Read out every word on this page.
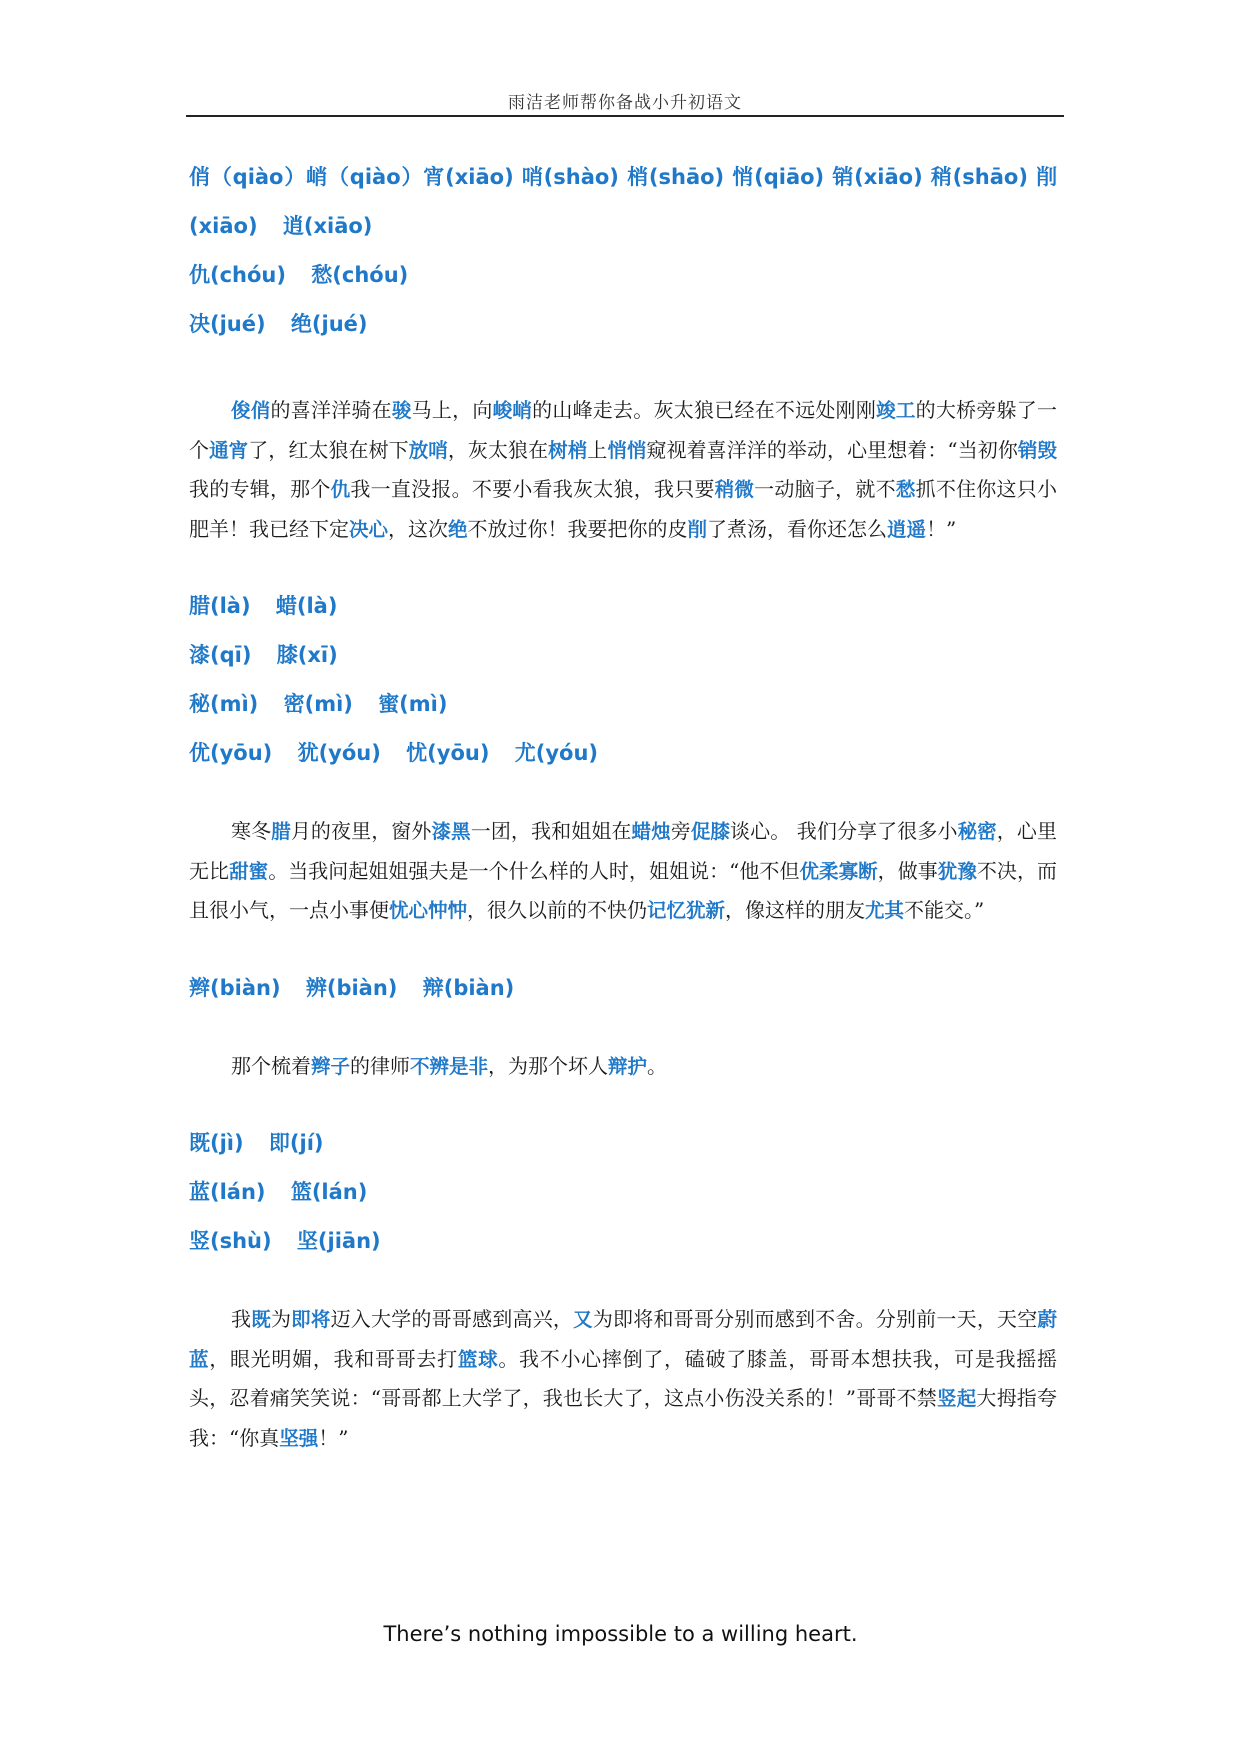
雨洁老师帮你备战小升初语文
俏（qiào）峭（qiào）宵(xiāo) 哨(shào) 梢(shāo) 悄(qiāo) 销(xiāo) 稍(shāo) 削
(xiāo) 逍(xiāo)
仇(chóu) 愁(chóu)
决(jué) 绝(jué)

俊俏的喜洋洋骑在骏马上，向峻峭的山峰走去。灰太狼已经在不远处刚刚竣工的大桥旁躲了一个通宵了，红太狼在树下放哨，灰太狼在树梢上悄悄窥视着喜洋洋的举动，心里想着：“当初你销毁我的专辑，那个仇我一直没报。不要小看我灰太狼，我只要稍微一动脑子，就不愁抓不住你这只小肥羊！我已经下定决心，这次绝不放过你！我要把你的皮削了煮汤，看你还怎么逍遥！”

腊(là) 蜡(là)
漆(qī) 膝(xī)
秘(mì) 密(mì) 蜜(mì)
优(yōu) 犹(yóu) 忧(yōu) 尤(yóu)

寒冬腊月的夜里，窗外漆黑一团，我和姐姐在蜡烛旁促膝谈心。 我们分享了很多小秘密，心里无比甜蜜。当我问起姐姐强夫是一个什么样的人时，姐姐说：“他不但优柔寡断，做事犹豫不决，而且很小气，一点小事便忧心忡忡，很久以前的不快仍记忆犹新，像这样的朋友尤其不能交。”

辫(biàn) 辨(biàn) 辩(biàn)

那个梳着辫子的律师不辨是非，为那个坏人辩护。

既(jì) 即(jí)
蓝(lán) 篮(lán)
竖(shù) 坚(jiān)

我既为即将迈入大学的哥哥感到高兴，又为即将和哥哥分别而感到不舍。分别前一天，天空蔚蓝，眼光明媚，我和哥哥去打篮球。我不小心摔倒了，磕破了膝盖，哥哥本想扶我，可是我摇摇头，忍着痛笑笑说：“哥哥都上大学了，我也长大了，这点小伤没关系的！”哥哥不禁竖起大拇指夸我：“你真坚强！”

There’s nothing impossible to a willing heart.
